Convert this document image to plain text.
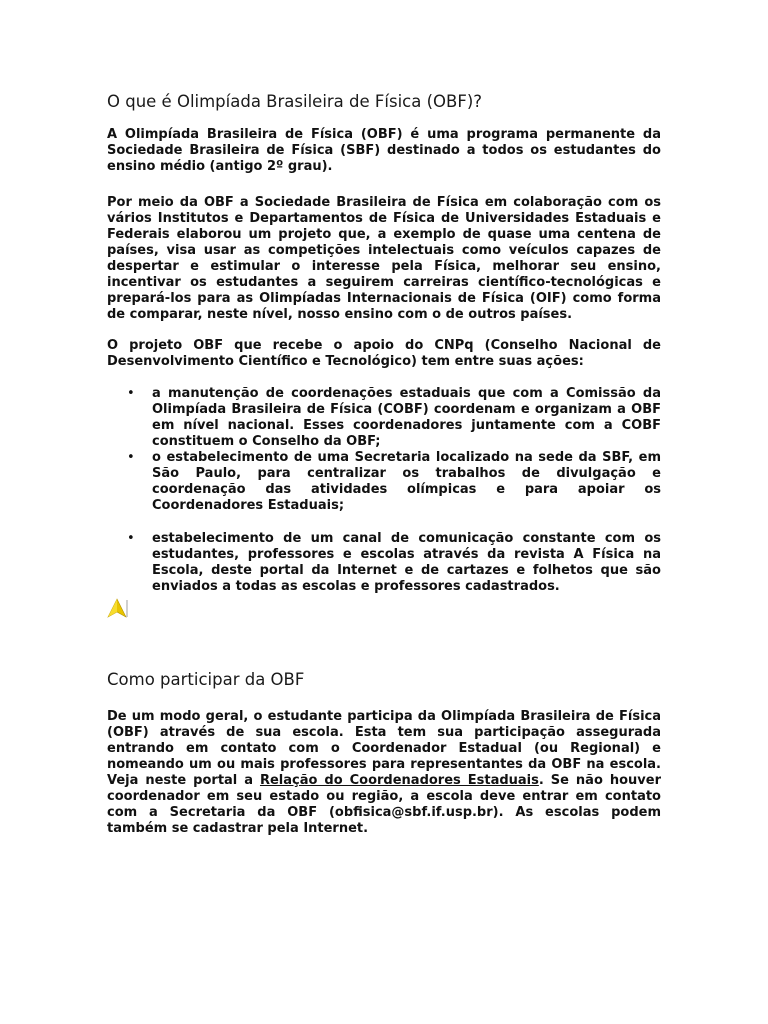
O que é Olimpíada Brasileira de Física (OBF)?

A Olimpíada Brasileira de Física (OBF) é uma programa permanente da Sociedade Brasileira de Física (SBF) destinado a todos os estudantes do ensino médio (antigo 2º grau).

Por meio da OBF a Sociedade Brasileira de Física em colaboração com os vários Institutos e Departamentos de Física de Universidades Estaduais e Federais elaborou um projeto que, a exemplo de quase uma centena de países, visa usar as competições intelectuais como veículos capazes de despertar e estimular o interesse pela Física, melhorar seu ensino, incentivar os estudantes a seguirem carreiras científico-tecnológicas e prepará-los para as Olimpíadas Internacionais de Física (OIF) como forma de comparar, neste nível, nosso ensino com o de outros países.

O projeto OBF que recebe o apoio do CNPq (Conselho Nacional de Desenvolvimento Científico e Tecnológico) tem entre suas ações:

• a manutenção de coordenações estaduais que com a Comissão da Olimpíada Brasileira de Física (COBF) coordenam e organizam a OBF em nível nacional. Esses coordenadores juntamente com a COBF constituem o Conselho da OBF;
• o estabelecimento de uma Secretaria localizado na sede da SBF, em São Paulo, para centralizar os trabalhos de divulgação e coordenação das atividades olímpicas e para apoiar os Coordenadores Estaduais;
• estabelecimento de um canal de comunicação constante com os estudantes, professores e escolas através da revista A Física na Escola, deste portal da Internet e de cartazes e folhetos que são enviados a todas as escolas e professores cadastrados.
Como participar da OBF

De um modo geral, o estudante participa da Olimpíada Brasileira de Física (OBF) através de sua escola. Esta tem sua participação assegurada entrando em contato com o Coordenador Estadual (ou Regional) e nomeando um ou mais professores para representantes da OBF na escola. Veja neste portal a Relação do Coordenadores Estaduais. Se não houver coordenador em seu estado ou região, a escola deve entrar em contato com a Secretaria da OBF (obfisica@sbf.if.usp.br). As escolas podem também se cadastrar pela Internet.
